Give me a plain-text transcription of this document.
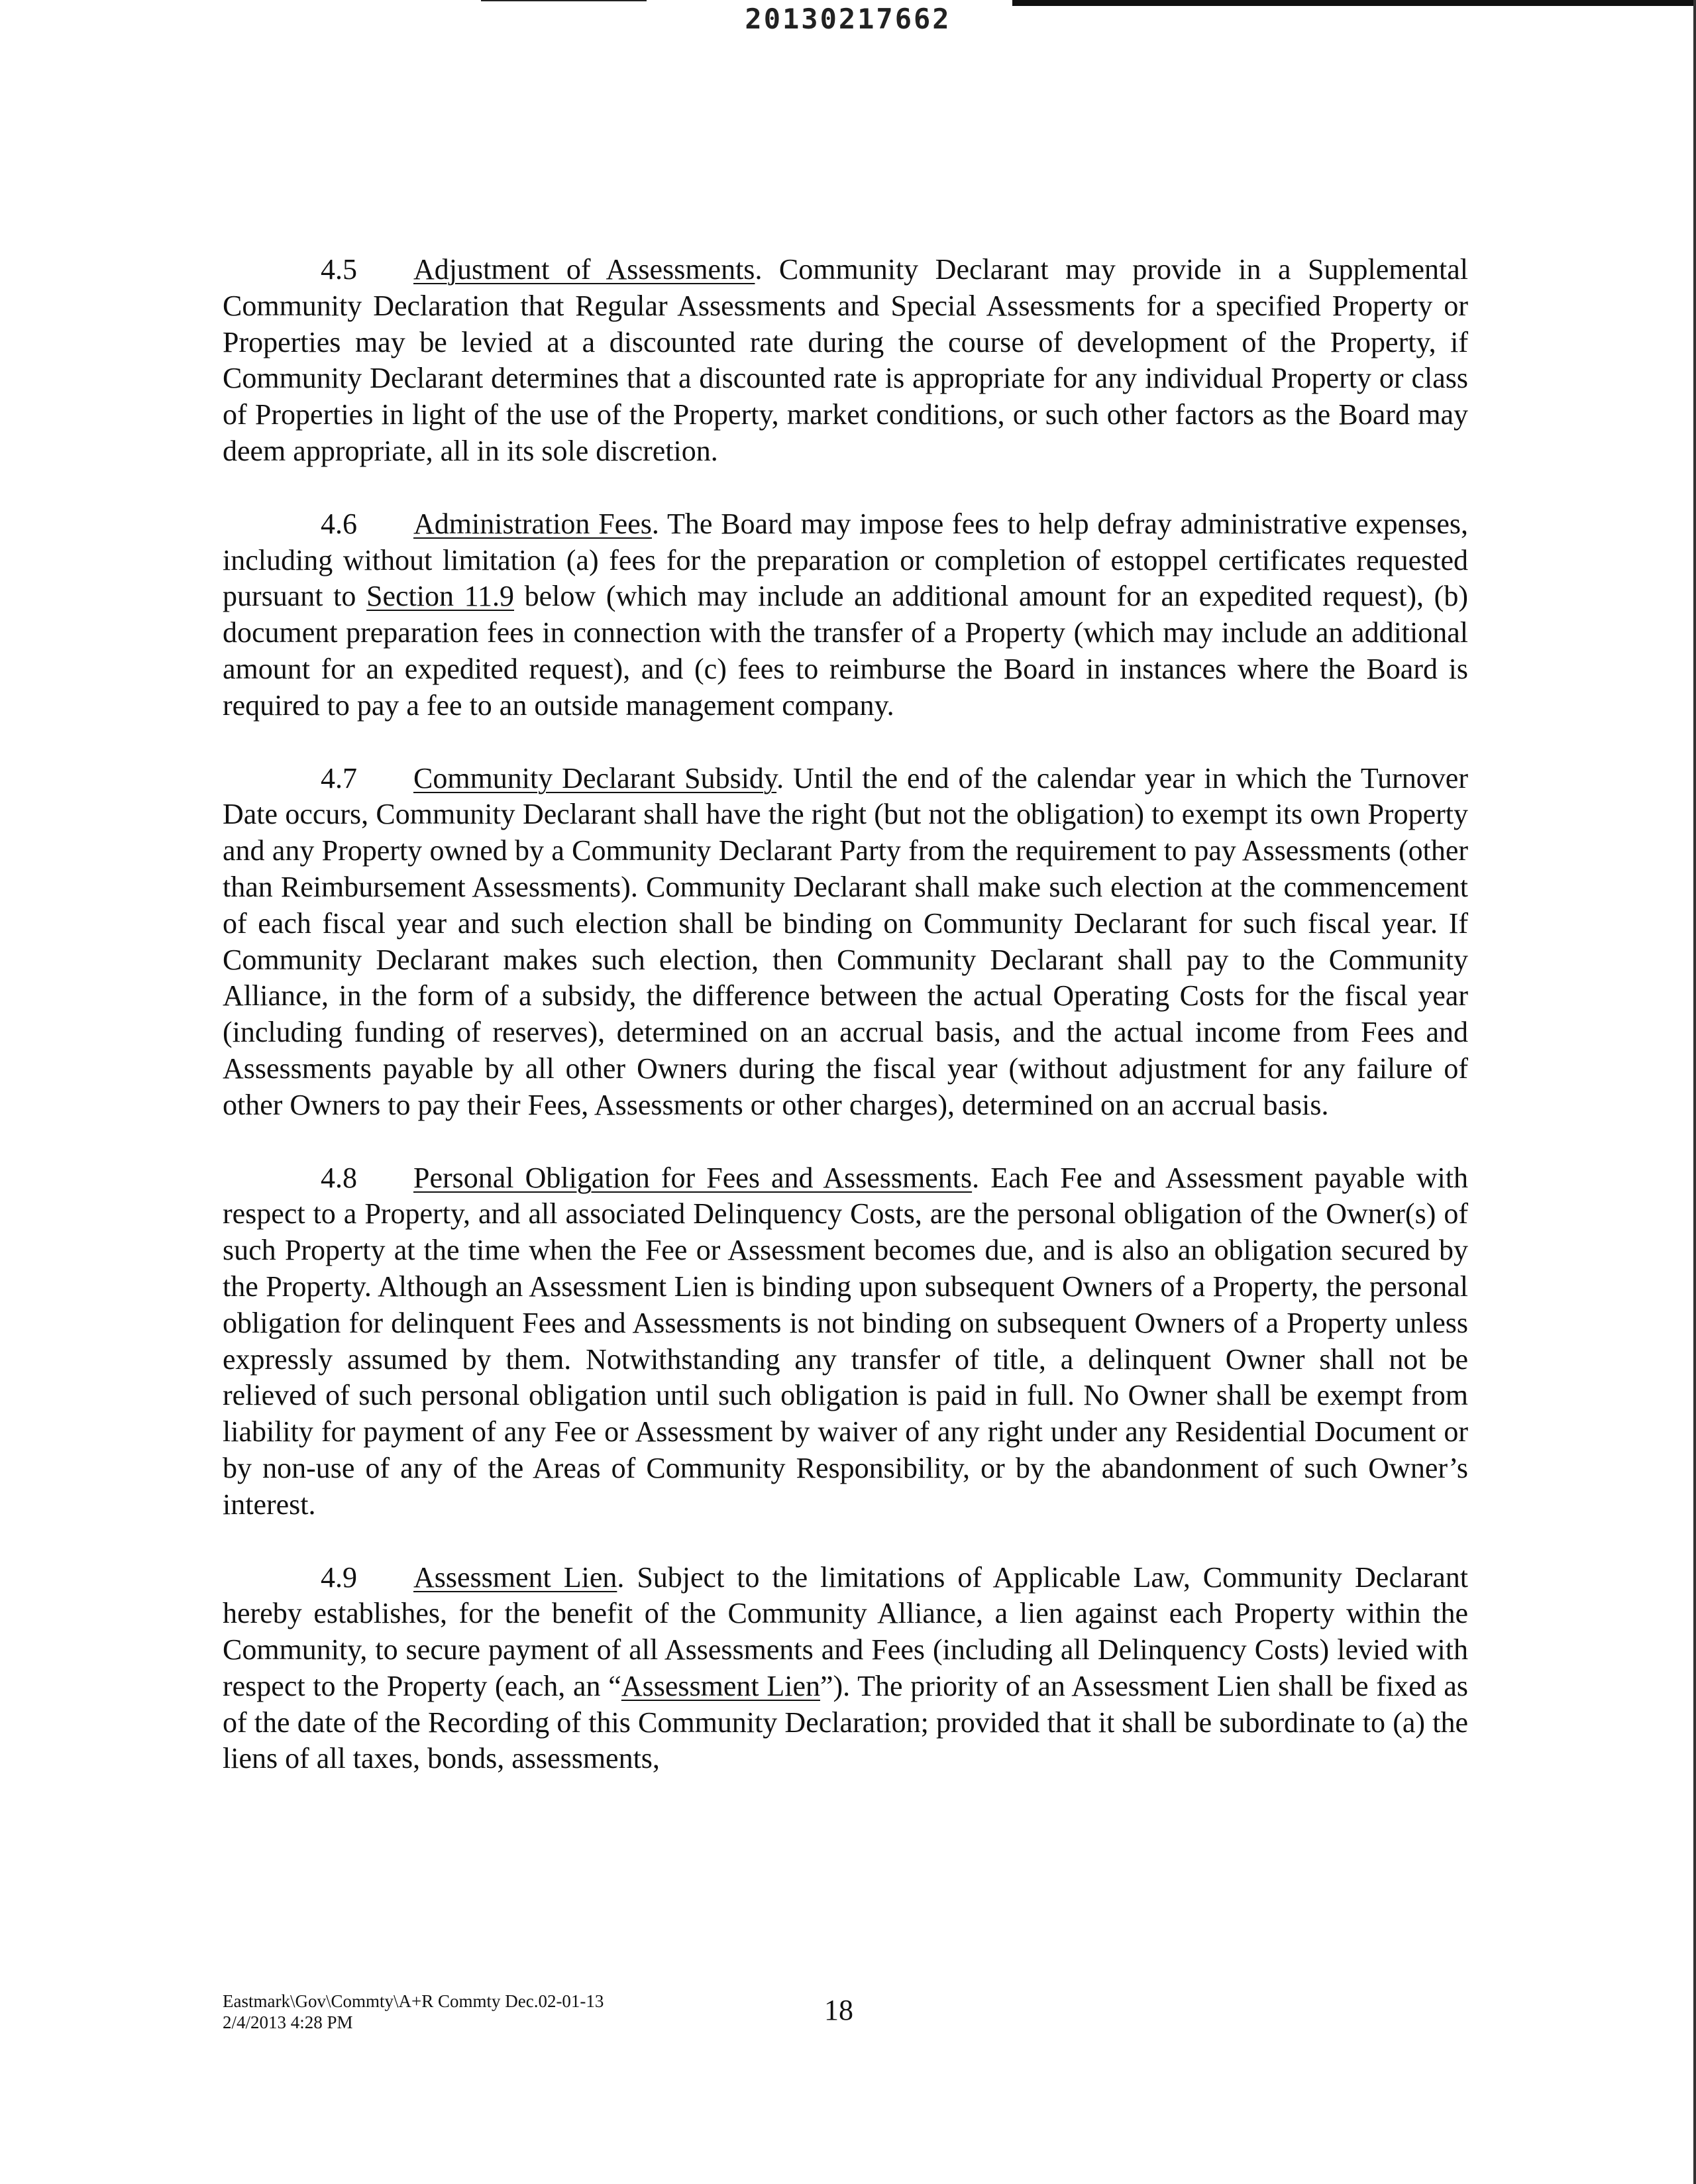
20130217662

4.5 Adjustment of Assessments. Community Declarant may provide in a Supplemental Community Declaration that Regular Assessments and Special Assessments for a specified Property or Properties may be levied at a discounted rate during the course of development of the Property, if Community Declarant determines that a discounted rate is appropriate for any individual Property or class of Properties in light of the use of the Property, market conditions, or such other factors as the Board may deem appropriate, all in its sole discretion.

4.6 Administration Fees. The Board may impose fees to help defray administrative expenses, including without limitation (a) fees for the preparation or completion of estoppel certificates requested pursuant to Section 11.9 below (which may include an additional amount for an expedited request), (b) document preparation fees in connection with the transfer of a Property (which may include an additional amount for an expedited request), and (c) fees to reimburse the Board in instances where the Board is required to pay a fee to an outside management company.

4.7 Community Declarant Subsidy. Until the end of the calendar year in which the Turnover Date occurs, Community Declarant shall have the right (but not the obligation) to exempt its own Property and any Property owned by a Community Declarant Party from the requirement to pay Assessments (other than Reimbursement Assessments). Community Declarant shall make such election at the commencement of each fiscal year and such election shall be binding on Community Declarant for such fiscal year. If Community Declarant makes such election, then Community Declarant shall pay to the Community Alliance, in the form of a subsidy, the difference between the actual Operating Costs for the fiscal year (including funding of reserves), determined on an accrual basis, and the actual income from Fees and Assessments payable by all other Owners during the fiscal year (without adjustment for any failure of other Owners to pay their Fees, Assessments or other charges), determined on an accrual basis.

4.8 Personal Obligation for Fees and Assessments. Each Fee and Assessment payable with respect to a Property, and all associated Delinquency Costs, are the personal obligation of the Owner(s) of such Property at the time when the Fee or Assessment becomes due, and is also an obligation secured by the Property. Although an Assessment Lien is binding upon subsequent Owners of a Property, the personal obligation for delinquent Fees and Assessments is not binding on subsequent Owners of a Property unless expressly assumed by them. Notwithstanding any transfer of title, a delinquent Owner shall not be relieved of such personal obligation until such obligation is paid in full. No Owner shall be exempt from liability for payment of any Fee or Assessment by waiver of any right under any Residential Document or by non-use of any of the Areas of Community Responsibility, or by the abandonment of such Owner’s interest.

4.9 Assessment Lien. Subject to the limitations of Applicable Law, Community Declarant hereby establishes, for the benefit of the Community Alliance, a lien against each Property within the Community, to secure payment of all Assessments and Fees (including all Delinquency Costs) levied with respect to the Property (each, an “Assessment Lien”). The priority of an Assessment Lien shall be fixed as of the date of the Recording of this Community Declaration; provided that it shall be subordinate to (a) the liens of all taxes, bonds, assessments,

Eastmark\Gov\Commty\A+R Commty Dec.02-01-13
2/4/2013 4:28 PM	18
